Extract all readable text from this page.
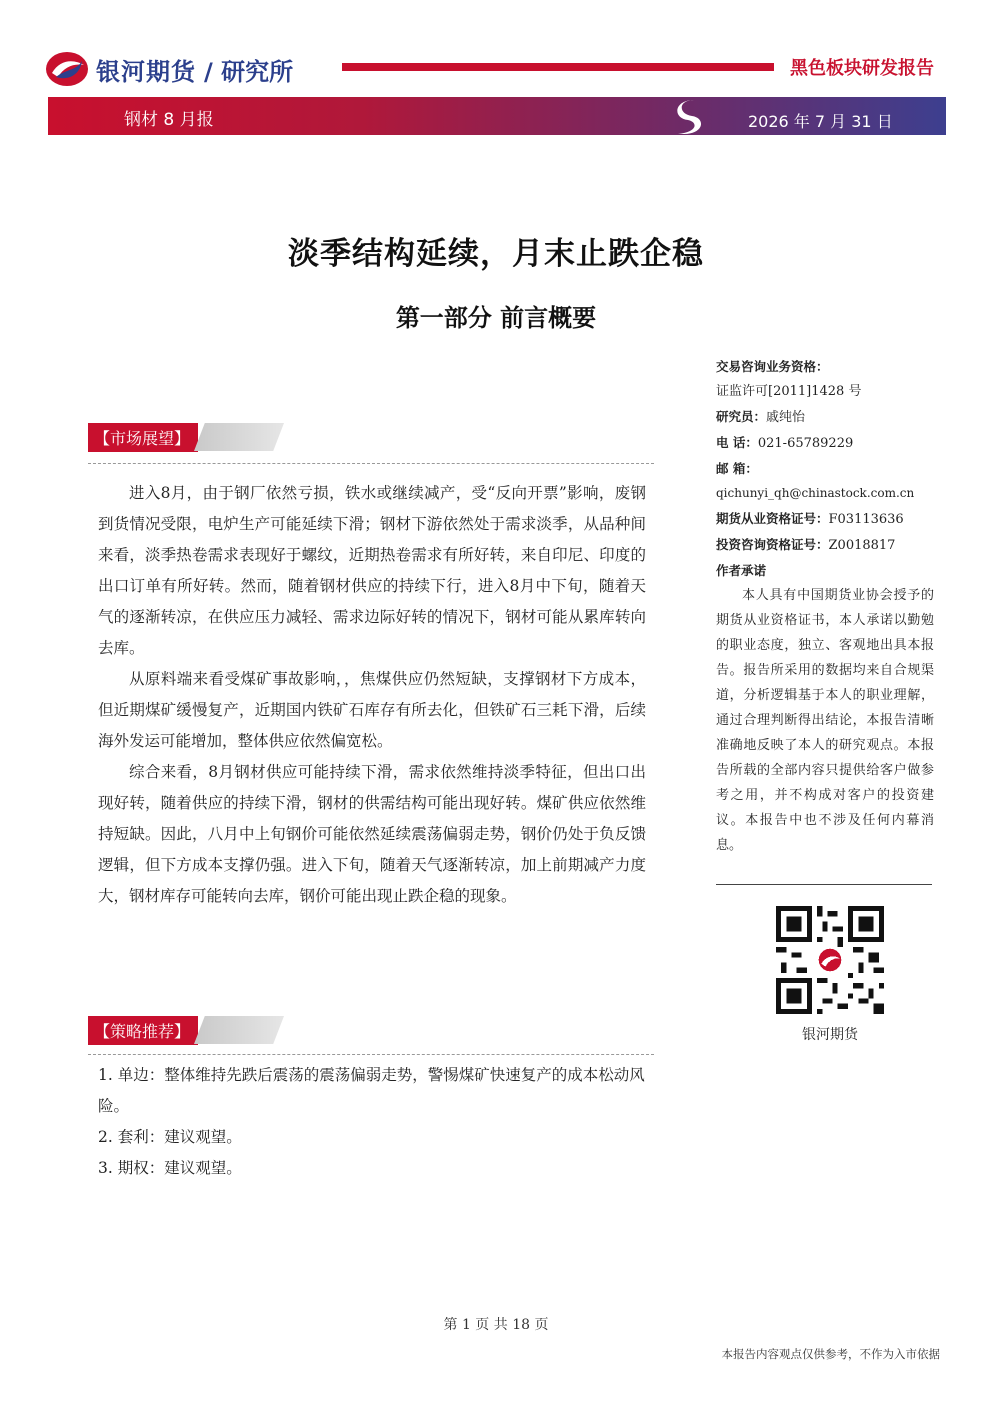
银河期货 / 研究所	黑色板块研发报告
钢材 8 月报	2026 年 7 月 31 日
淡季结构延续，月末止跌企稳
第一部分 前言概要
【市场展望】

进入8月，由于钢厂依然亏损，铁水或继续减产，受“反向开票”影响，废钢到货情况受限，电炉生产可能延续下滑；钢材下游依然处于需求淡季，从品种间来看，淡季热卷需求表现好于螺纹，近期热卷需求有所好转，来自印尼、印度的出口订单有所好转。然而，随着钢材供应的持续下行，进入8月中下旬，随着天气的逐渐转凉，在供应压力减轻、需求边际好转的情况下，钢材可能从累库转向去库。

从原料端来看受煤矿事故影响，，焦煤供应仍然短缺，支撑钢材下方成本，但近期煤矿缓慢复产，近期国内铁矿石库存有所去化，但铁矿石三耗下滑，后续海外发运可能增加，整体供应依然偏宽松。

综合来看，8月钢材供应可能持续下滑，需求依然维持淡季特征，但出口出现好转，随着供应的持续下滑，钢材的供需结构可能出现好转。煤矿供应依然维持短缺。因此，八月中上旬钢价可能依然延续震荡偏弱走势，钢价仍处于负反馈逻辑，但下方成本支撑仍强。进入下旬，随着天气逐渐转凉，加上前期减产力度大，钢材库存可能转向去库，钢价可能出现止跌企稳的现象。

【策略推荐】
1. 单边：整体维持先跌后震荡的震荡偏弱走势，警惕煤矿快速复产的成本松动风险。
2. 套利：建议观望。
3. 期权：建议观望。
交易咨询业务资格：
证监许可[2011]1428 号
研究员：戚纯怡
电 话：021-65789229
邮 箱：
qichunyi_qh@chinastock.com.cn
期货从业资格证号：F03113636
投资咨询资格证号：Z0018817
作者承诺
本人具有中国期货业协会授予的期货从业资格证书，本人承诺以勤勉的职业态度，独立、客观地出具本报告。报告所采用的数据均来自合规渠道，分析逻辑基于本人的职业理解，通过合理判断得出结论，本报告清晰准确地反映了本人的研究观点。本报告所载的全部内容只提供给客户做参考之用，并不构成对客户的投资建议。本报告中也不涉及任何内幕消息。
银河期货
第 1 页 共 18 页
本报告内容观点仅供参考，不作为入市依据
